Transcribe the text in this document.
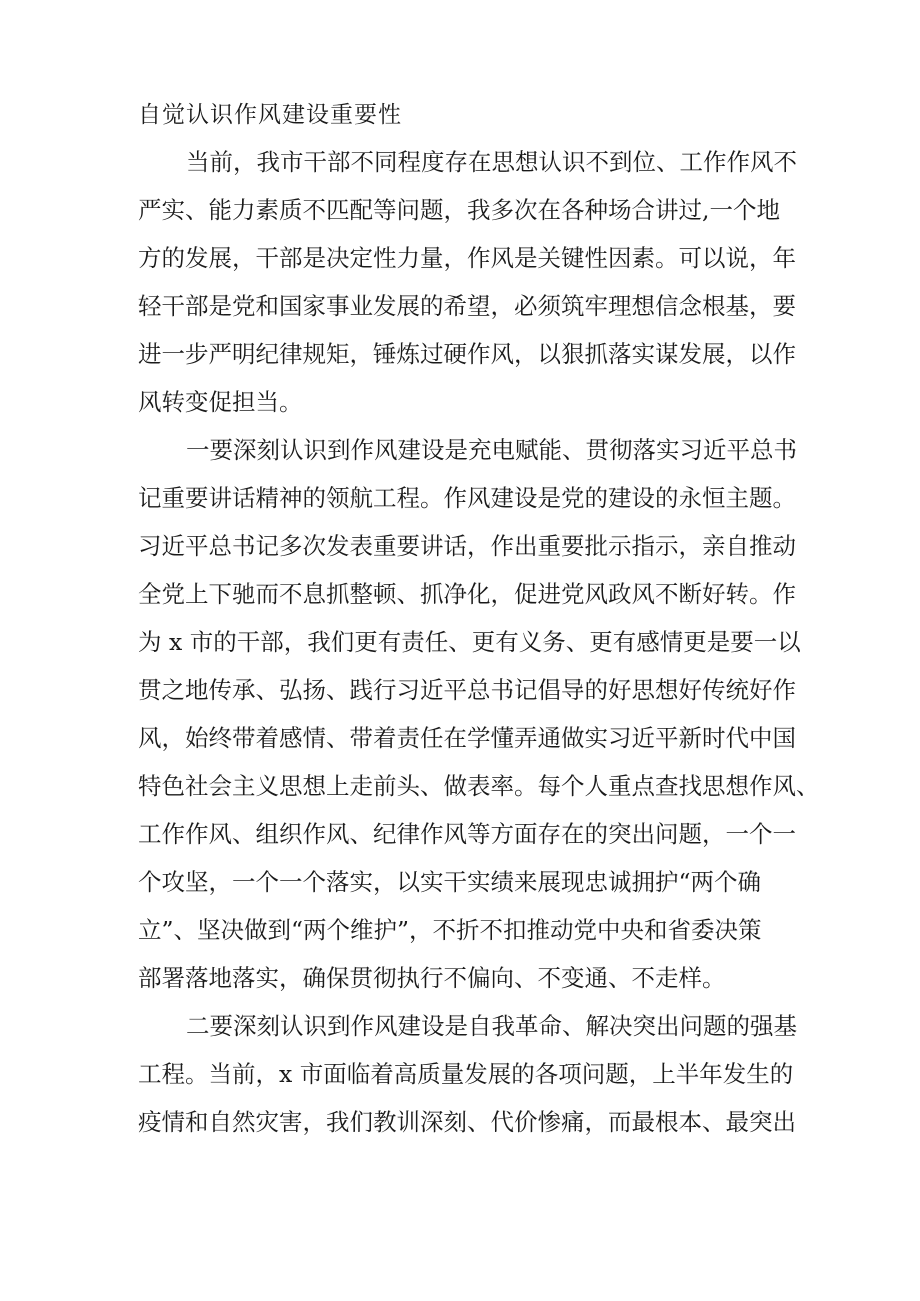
自觉认识作风建设重要性
当前，我市干部不同程度存在思想认识不到位、工作作风不
严实、能力素质不匹配等问题，我多次在各种场合讲过,一个地
方的发展，干部是决定性力量，作风是关键性因素。可以说，年
轻干部是党和国家事业发展的希望，必须筑牢理想信念根基，要
进一步严明纪律规矩，锤炼过硬作风，以狠抓落实谋发展，以作
风转变促担当。
一要深刻认识到作风建设是充电赋能、贯彻落实习近平总书
记重要讲话精神的领航工程。作风建设是党的建设的永恒主题。
习近平总书记多次发表重要讲话，作出重要批示指示，亲自推动
全党上下驰而不息抓整顿、抓净化，促进党风政风不断好转。作
为 x 市的干部，我们更有责任、更有义务、更有感情更是要一以
贯之地传承、弘扬、践行习近平总书记倡导的好思想好传统好作
风，始终带着感情、带着责任在学懂弄通做实习近平新时代中国
特色社会主义思想上走前头、做表率。每个人重点查找思想作风、
工作作风、组织作风、纪律作风等方面存在的突出问题，一个一
个攻坚，一个一个落实，以实干实绩来展现忠诚拥护“两个确
立”、坚决做到“两个维护”，不折不扣推动党中央和省委决策
部署落地落实，确保贯彻执行不偏向、不变通、不走样。
二要深刻认识到作风建设是自我革命、解决突出问题的强基
工程。当前，x 市面临着高质量发展的各项问题，上半年发生的
疫情和自然灾害，我们教训深刻、代价惨痛，而最根本、最突出
